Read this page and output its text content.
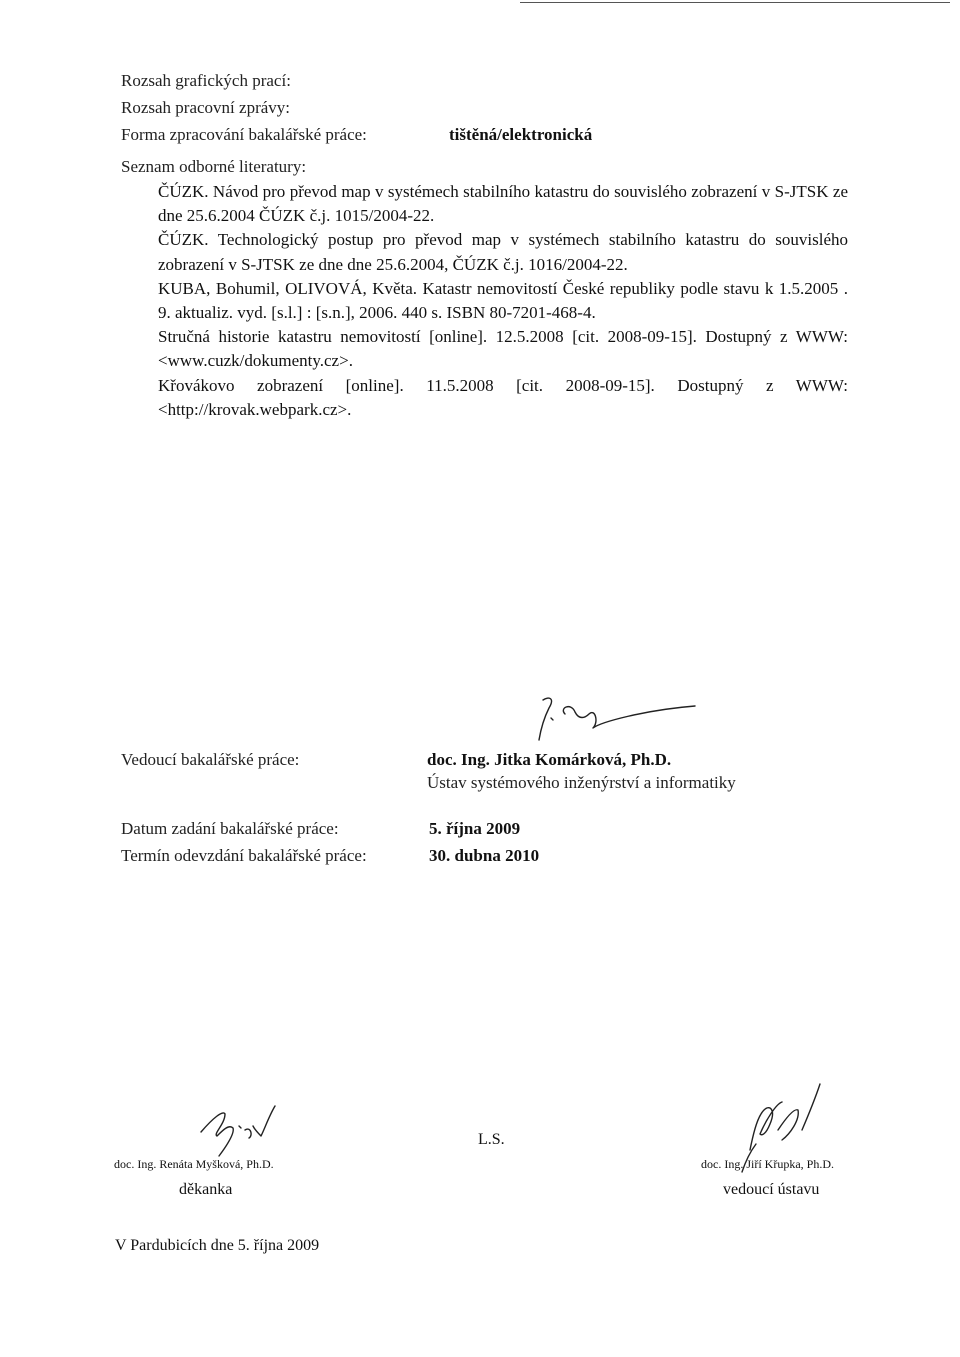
Rozsah grafických prací:
Rozsah pracovní zprávy:
Forma zpracování bakalářské práce:	tištěná/elektronická
Seznam odborné literatury:

ČÚZK. Návod pro převod map v systémech stabilního katastru do souvislého zobrazení v S-JTSK ze dne 25.6.2004 ČÚZK č.j. 1015/2004-22.

ČÚZK. Technologický postup pro převod map v systémech stabilního katastru do souvislého zobrazení v S-JTSK ze dne dne 25.6.2004, ČÚZK č.j. 1016/2004-22.

KUBA, Bohumil, OLIVOVÁ, Květa. Katastr nemovitostí České republiky podle stavu k 1.5.2005 . 9. aktualiz. vyd. [s.l.] : [s.n.], 2006. 440 s. ISBN 80-7201-468-4.

Stručná historie katastru nemovitostí [online]. 12.5.2008 [cit. 2008-09-15]. Dostupný z WWW: <www.cuzk/dokumenty.cz>.

Křovákovo zobrazení [online]. 11.5.2008 [cit. 2008-09-15]. Dostupný z WWW: <http://krovak.webpark.cz>.

Vedoucí bakalářské práce:	doc. Ing. Jitka Komárková, Ph.D.
Ústav systémového inženýrství a informatiky
Datum zadání bakalářské práce:	5. října 2009
Termín odevzdání bakalářské práce:	30. dubna 2010
doc. Ing. Renáta Myšková, Ph.D.
děkanka
L.S.
doc. Ing. Jiří Křupka, Ph.D.
vedoucí ústavu
V Pardubicích dne 5. října 2009
